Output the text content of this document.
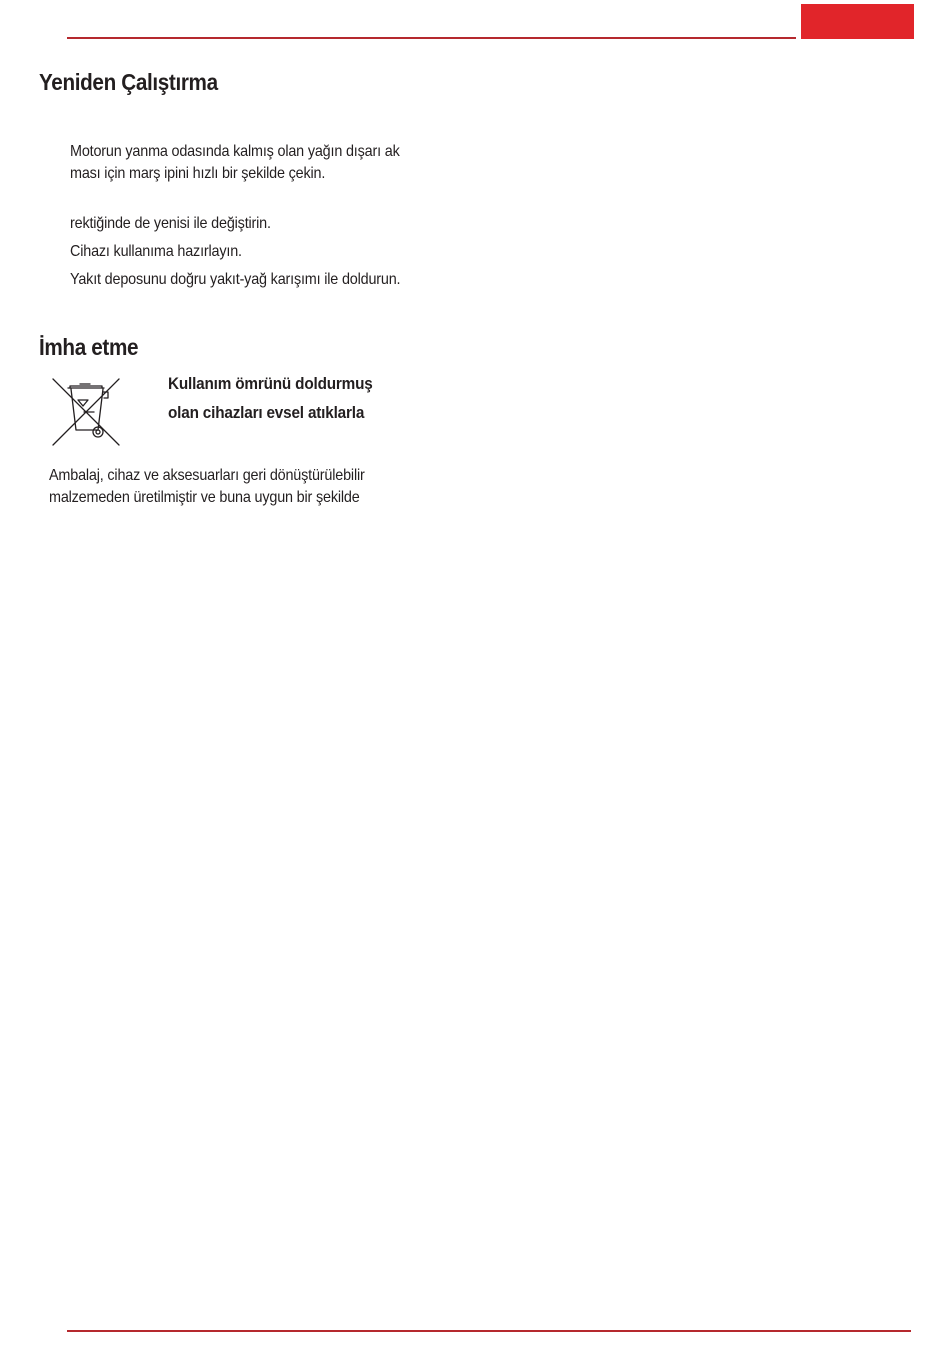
Yeniden Çalıştırma

Motorun yanma odasında kalmış olan yağın dışarı ak

ması için marş ipini hızlı bir şekilde çekin.

rektiğinde de yenisi ile değiştirin.

Cihazı kullanıma hazırlayın.

Yakıt deposunu doğru yakıt-yağ karışımı ile doldurun.

İmha etme

Kullanım ömrünü doldurmuş

olan cihazları evsel atıklarla

Ambalaj, cihaz ve aksesuarları geri dönüştürülebilir

malzemeden üretilmiştir ve buna uygun bir şekilde
